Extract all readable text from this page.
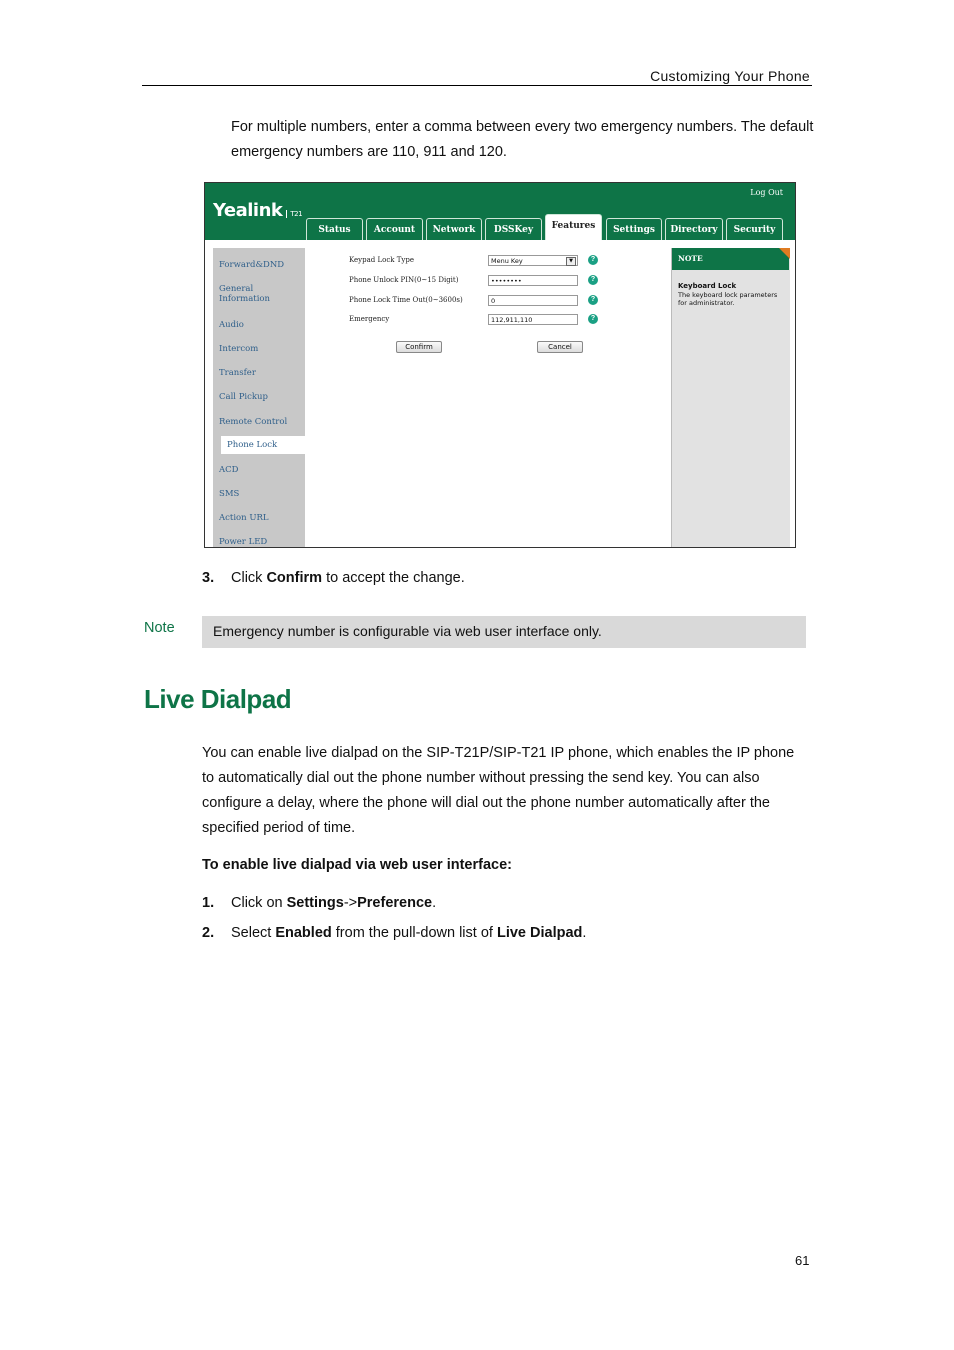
Customizing Your Phone
For multiple numbers, enter a comma between every two emergency numbers. The default emergency numbers are 110, 911 and 120.
Yealink T21
Log Out
Status	Account	Network	DSSKey	Features	Settings	Directory	Security
Forward&DND
General Information
Audio
Intercom
Transfer
Call Pickup
Remote Control
Phone Lock
ACD
SMS
Action URL
Power LED
Keypad Lock Type	Menu Key	▼	?
Phone Unlock PIN(0~15 Digit)	••••••••	?
Phone Lock Time Out(0~3600s)	0	?
Emergency	112,911,110	?
Confirm	Cancel
NOTE
Keyboard Lock
The keyboard lock parameters for administrator.
3. Click Confirm to accept the change.
Note	Emergency number is configurable via web user interface only.
Live Dialpad
You can enable live dialpad on the SIP-T21P/SIP-T21 IP phone, which enables the IP phone to automatically dial out the phone number without pressing the send key. You can also configure a delay, where the phone will dial out the phone number automatically after the specified period of time.
To enable live dialpad via web user interface:
1. Click on Settings->Preference.
2. Select Enabled from the pull-down list of Live Dialpad.
61
